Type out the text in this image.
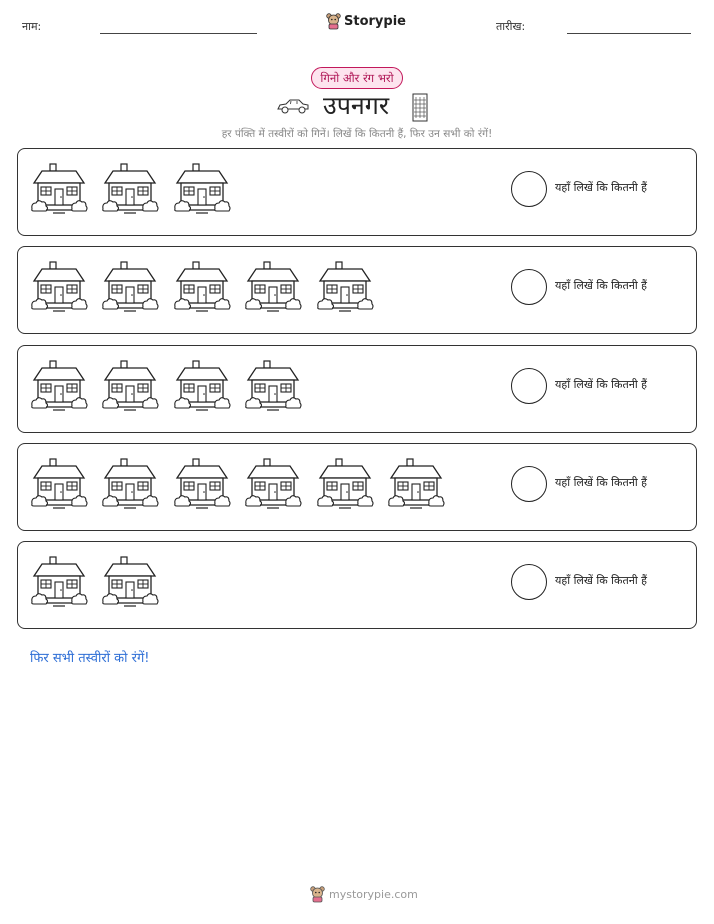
नाम:	Storypie	तारीख:
गिनो और रंग भरो
उपनगर
हर पंक्ति में तस्वीरों को गिनें। लिखें कि कितनी हैं, फिर उन सभी को रंगें!
यहाँ लिखें कि कितनी हैं
यहाँ लिखें कि कितनी हैं
यहाँ लिखें कि कितनी हैं
यहाँ लिखें कि कितनी हैं
यहाँ लिखें कि कितनी हैं
फिर सभी तस्वीरों को रंगें!
mystorypie.com
